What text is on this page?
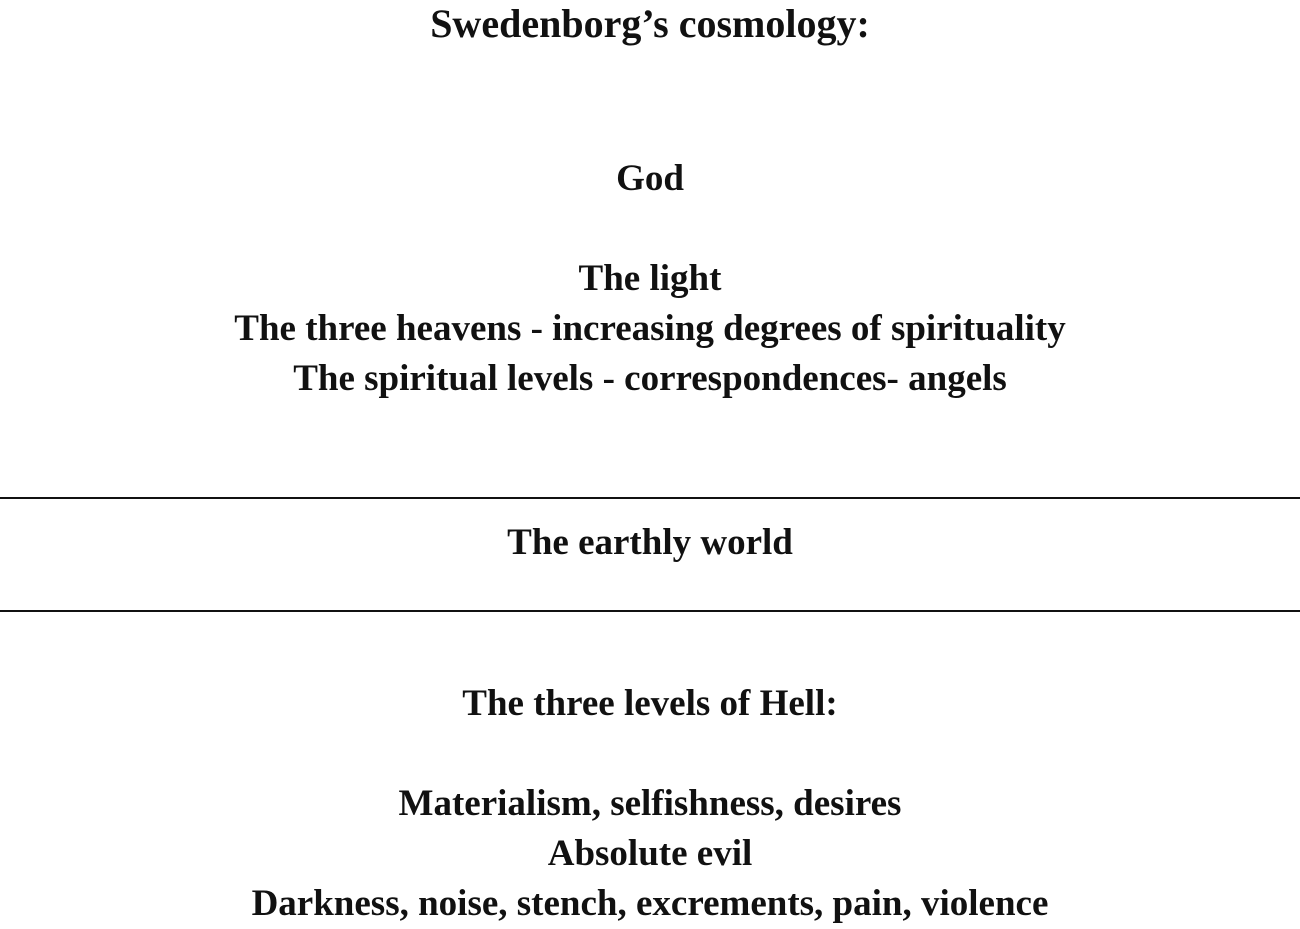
Swedenborg’s cosmology:
God
The light
The three heavens - increasing degrees of spirituality
The spiritual levels - correspondences- angels
The earthly world
The three levels of Hell:
Materialism, selfishness, desires
Absolute evil
Darkness, noise, stench, excrements, pain, violence
